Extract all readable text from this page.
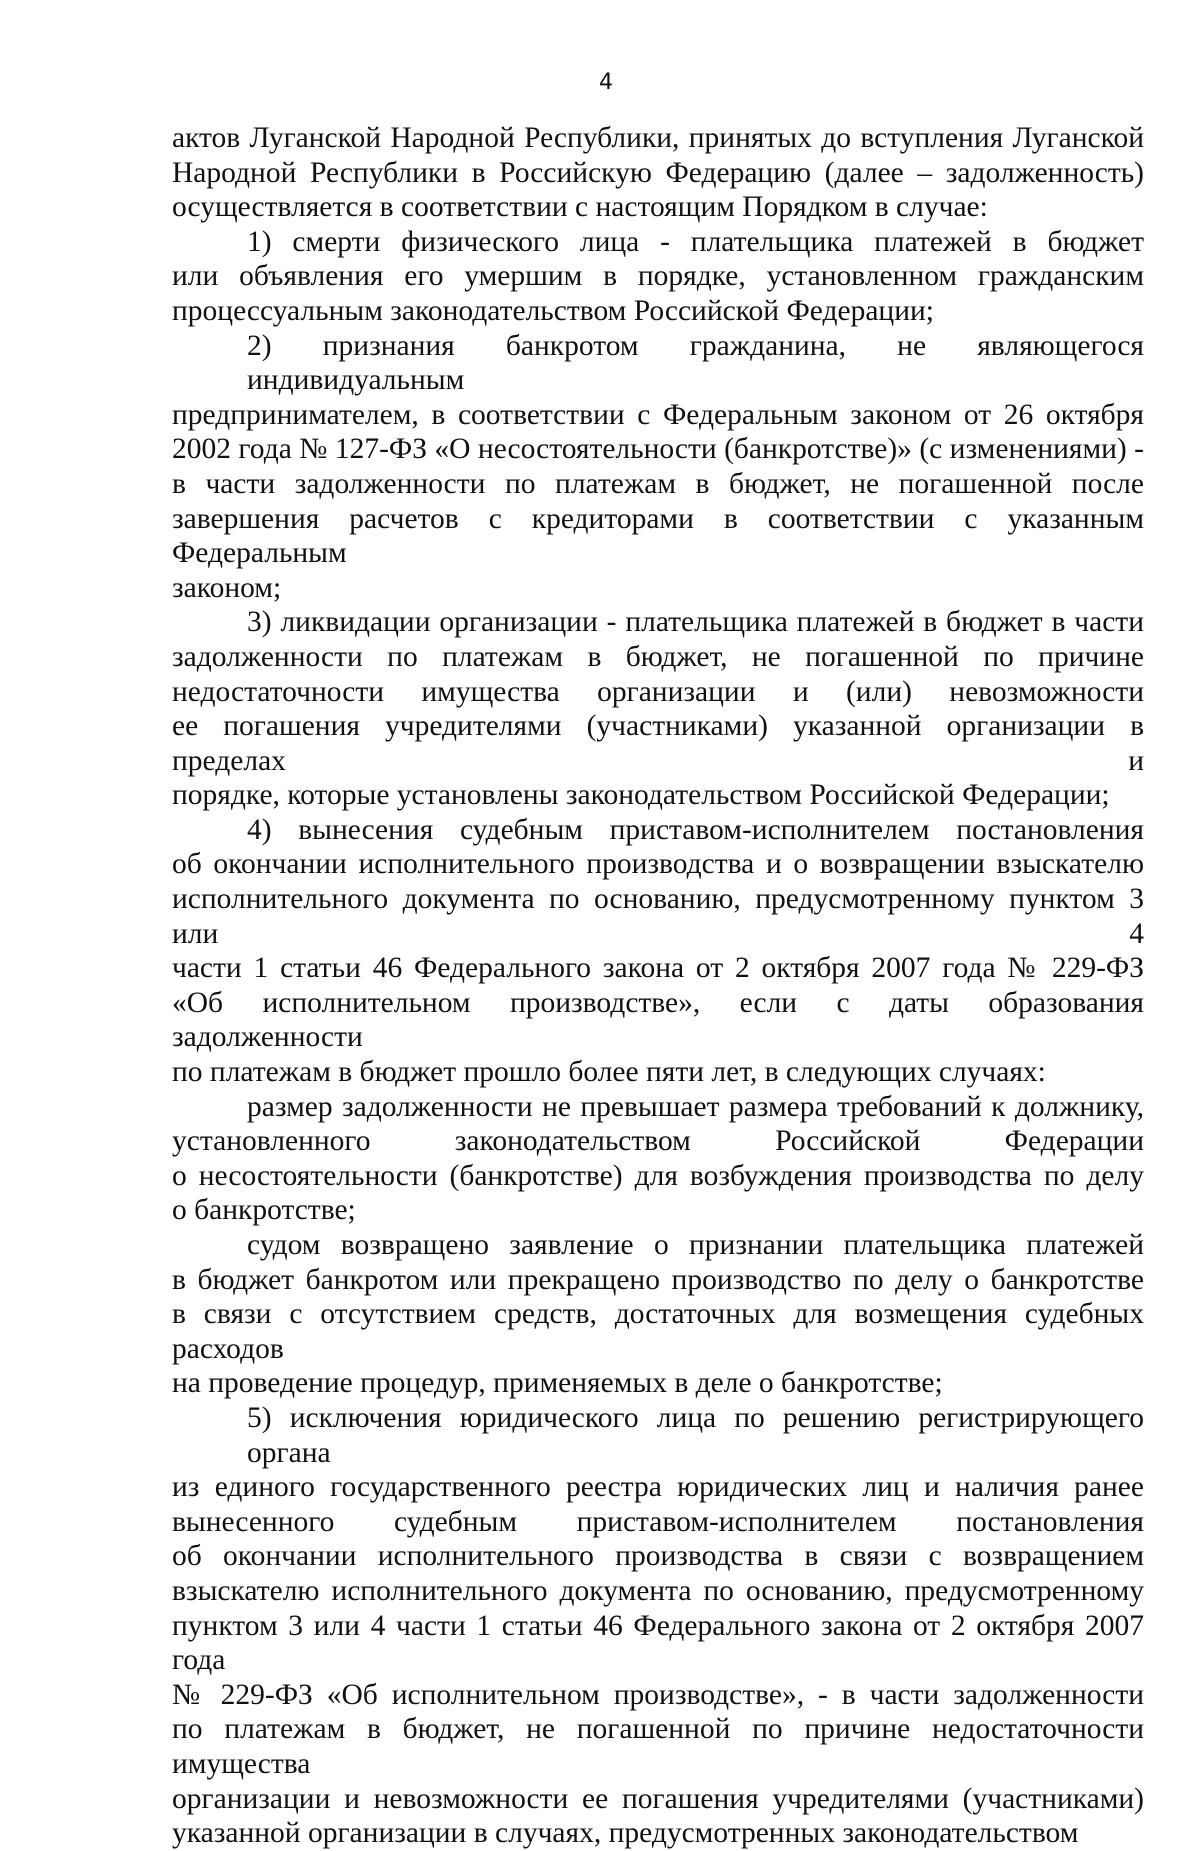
4
актов Луганской Народной Республики, принятых до вступления Луганской
Народной Республики в Российскую Федерацию (далее – задолженность)
осуществляется в соответствии с настоящим Порядком в случае:
1) смерти физического лица - плательщика платежей в бюджет
или объявления его умершим в порядке, установленном гражданским
процессуальным законодательством Российской Федерации;
2) признания банкротом гражданина, не являющегося индивидуальным
предпринимателем, в соответствии с Федеральным законом от 26 октября
2002 года № 127-ФЗ «О несостоятельности (банкротстве)» (с изменениями) -
в части задолженности по платежам в бюджет, не погашенной после
завершения расчетов с кредиторами в соответствии с указанным Федеральным
законом;
3) ликвидации организации - плательщика платежей в бюджет в части
задолженности по платежам в бюджет, не погашенной по причине
недостаточности имущества организации и (или) невозможности
ее погашения учредителями (участниками) указанной организации в пределах и
порядке, которые установлены законодательством Российской Федерации;
4) вынесения судебным приставом-исполнителем постановления
об окончании исполнительного производства и о возвращении взыскателю
исполнительного документа по основанию, предусмотренному пунктом 3 или 4
части 1 статьи 46 Федерального закона от 2 октября 2007 года № 229-ФЗ
«Об исполнительном производстве», если с даты образования задолженности
по платежам в бюджет прошло более пяти лет, в следующих случаях:
размер задолженности не превышает размера требований к должнику,
установленного законодательством Российской Федерации
о несостоятельности (банкротстве) для возбуждения производства по делу
о банкротстве;
судом возвращено заявление о признании плательщика платежей
в бюджет банкротом или прекращено производство по делу о банкротстве
в связи с отсутствием средств, достаточных для возмещения судебных расходов
на проведение процедур, применяемых в деле о банкротстве;
5) исключения юридического лица по решению регистрирующего органа
из единого государственного реестра юридических лиц и наличия ранее
вынесенного судебным приставом-исполнителем постановления
об окончании исполнительного производства в связи с возвращением
взыскателю исполнительного документа по основанию, предусмотренному
пунктом 3 или 4 части 1 статьи 46 Федерального закона от 2 октября 2007 года
№ 229-ФЗ «Об исполнительном производстве», - в части задолженности
по платежам в бюджет, не погашенной по причине недостаточности имущества
организации и невозможности ее погашения учредителями (участниками)
указанной организации в случаях, предусмотренных законодательством
